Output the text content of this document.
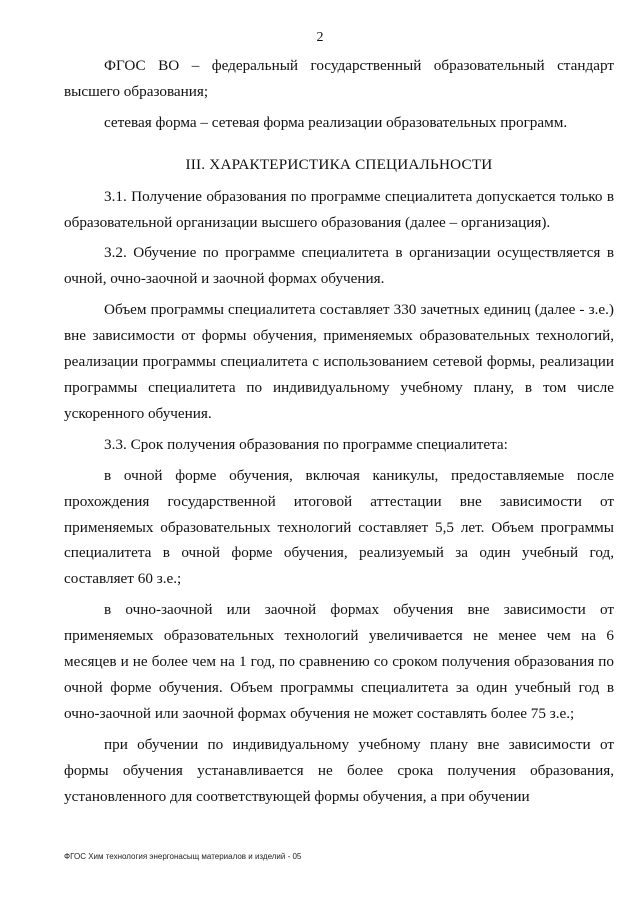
2

ФГОС ВО – федеральный государственный образовательный стандарт высшего образования;

сетевая форма – сетевая форма реализации образовательных программ.

III. ХАРАКТЕРИСТИКА СПЕЦИАЛЬНОСТИ

3.1. Получение образования по программе специалитета допускается только в образовательной организации высшего образования (далее – организация).

3.2. Обучение по программе специалитета в организации осуществляется в очной, очно-заочной и заочной формах обучения.

Объем программы специалитета составляет 330 зачетных единиц (далее - з.е.) вне зависимости от формы обучения, применяемых образовательных технологий, реализации программы специалитета с использованием сетевой формы, реализации программы специалитета по индивидуальному учебному плану, в том числе ускоренного обучения.

3.3. Срок получения образования по программе специалитета:

в очной форме обучения, включая каникулы, предоставляемые после прохождения государственной итоговой аттестации вне зависимости от применяемых образовательных технологий составляет 5,5 лет. Объем программы специалитета в очной форме обучения, реализуемый за один учебный год, составляет 60 з.е.;

в очно-заочной или заочной формах обучения вне зависимости от применяемых образовательных технологий увеличивается не менее чем на 6 месяцев и не более чем на 1 год, по сравнению со сроком получения образования по очной форме обучения. Объем программы специалитета за один учебный год в очно-заочной или заочной формах обучения не может составлять более 75 з.е.;

при обучении по индивидуальному учебному плану вне зависимости от формы обучения устанавливается не более срока получения образования, установленного для соответствующей формы обучения, а при обучении

ФГОС Хим технология энергонасыщ материалов и изделий - 05
